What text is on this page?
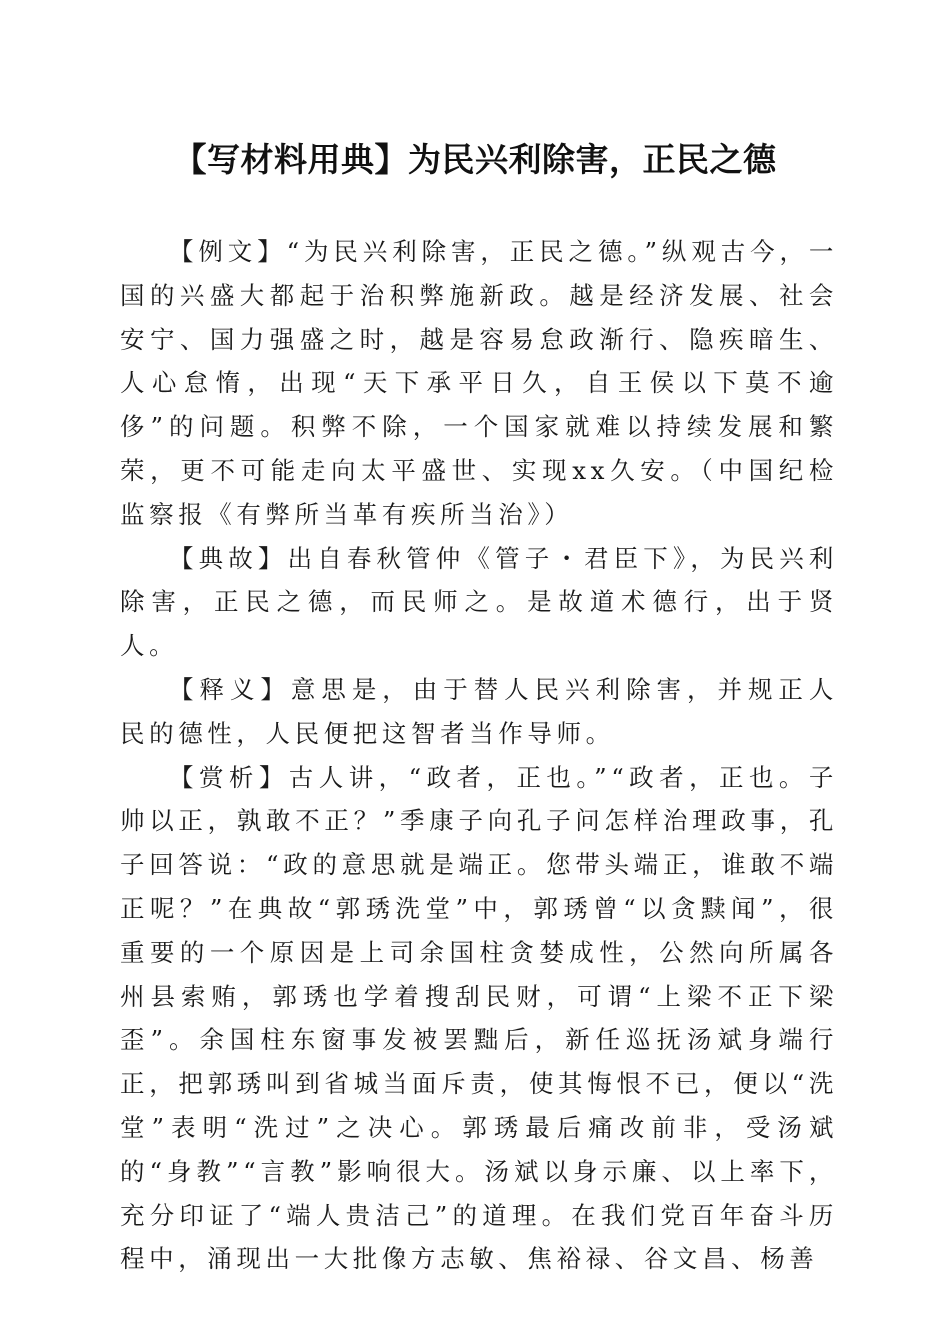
【写材料用典】为民兴利除害，正民之德

【例文】“为民兴利除害，正民之德。”纵观古今，一国的兴盛大都起于治积弊施新政。越是经济发展、社会安宁、国力强盛之时，越是容易怠政渐行、隐疾暗生、人心怠惰，出现“天下承平日久，自王侯以下莫不逾侈”的问题。积弊不除，一个国家就难以持续发展和繁荣，更不可能走向太平盛世、实现xx久安。（中国纪检监察报《有弊所当革有疾所当治》）

【典故】出自春秋管仲《管子・君臣下》，为民兴利除害，正民之德，而民师之。是故道术德行，出于贤人。

【释义】意思是，由于替人民兴利除害，并规正人民的德性，人民便把这智者当作导师。

【赏析】古人讲，“政者，正也。”“政者，正也。子帅以正，孰敢不正？”季康子向孔子问怎样治理政事，孔子回答说：“政的意思就是端正。您带头端正，谁敢不端正呢？”在典故“郭琇洗堂”中，郭琇曾“以贪黩闻”，很重要的一个原因是上司余国柱贪婪成性，公然向所属各州县索贿，郭琇也学着搜刮民财，可谓“上梁不正下梁歪”。余国柱东窗事发被罢黜后，新任巡抚汤斌身端行正，把郭琇叫到省城当面斥责，使其悔恨不已，便以“洗堂”表明“洗过”之决心。郭琇最后痛改前非，受汤斌的“身教”“言教”影响很大。汤斌以身示廉、以上率下，充分印证了“端人贵洁己”的道理。在我们党百年奋斗历程中，涌现出一大批像方志敏、焦裕禄、谷文昌、杨善
